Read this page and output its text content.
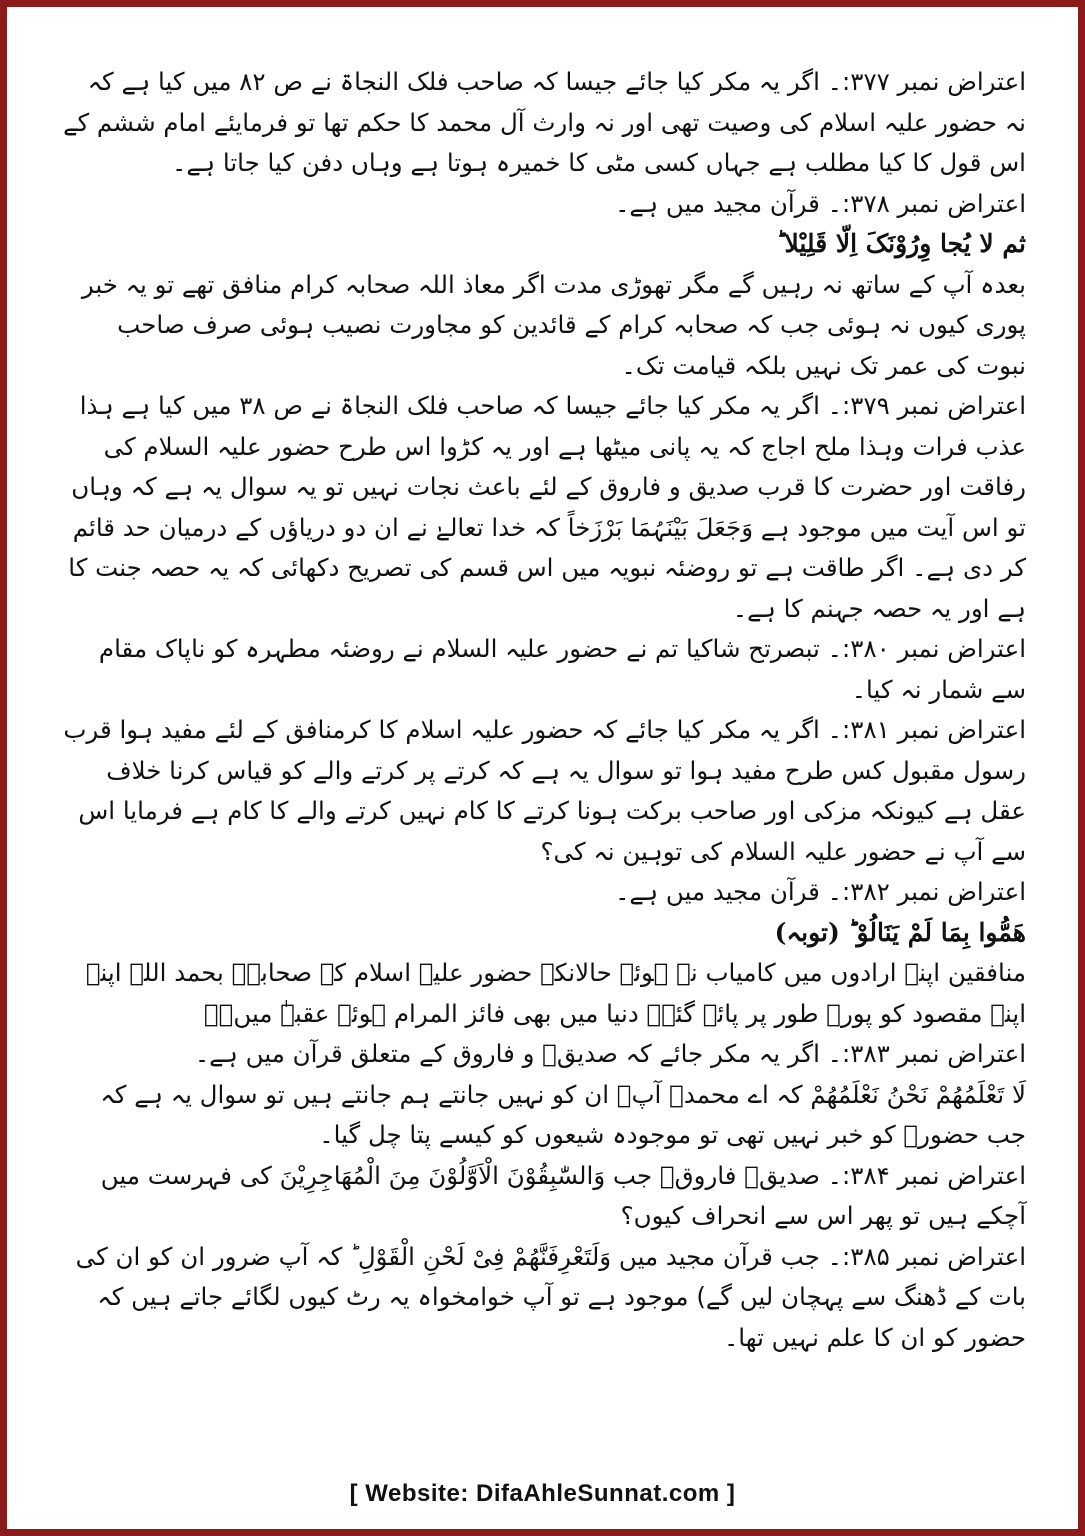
اعتراض نمبر ۳۷۷:۔ اگر یہ مکر کیا جائے جیسا کہ صاحب فلک النجاۃ نے ص ۸۲ میں کیا ہے کہ نہ حضور علیہ اسلام کی وصیت تھی اور نہ وارث آل محمد کا حکم تھا تو فرمایئے امام ششم کے اس قول کا کیا مطلب ہے جہاں کسی مٹی کا خمیرہ ہوتا ہے وہاں دفن کیا جاتا ہے۔

اعتراض نمبر ۳۷۸:۔ قرآن مجید میں ہے۔

ثم لا یُجا وِرُوْنَکَ اِلّا قَلِیْلا ؕ

بعدہ آپ کے ساتھ نہ رہیں گے مگر تھوڑی مدت اگر معاذ اللہ صحابہ کرام منافق تھے تو یہ خبر پوری کیوں نہ ہوئی جب کہ صحابہ کرام کے قائدین کو مجاورت نصیب ہوئی صرف صاحب نبوت کی عمر تک نہیں بلکہ قیامت تک۔

اعتراض نمبر ۳۷۹:۔ اگر یہ مکر کیا جائے جیسا کہ صاحب فلک النجاۃ نے ص ۳۸ میں کیا ہے ہذا عذب فرات وہذا ملح اجاج کہ یہ پانی میٹھا ہے اور یہ کڑوا اس طرح حضور علیہ السلام کی رفاقت اور حضرت کا قرب صدیق و فاروق کے لئے باعث نجات نہیں تو یہ سوال یہ ہے کہ وہاں تو اس آیت میں موجود ہے وَجَعَلَ بَیْنَہُمَا بَرْزَخاً کہ خدا تعالےٰ نے ان دو دریاؤں کے درمیان حد قائم کر دی ہے۔ اگر طاقت ہے تو روضئہ نبویہ میں اس قسم کی تصریح دکھائی کہ یہ حصہ جنت کا ہے اور یہ حصہ جہنم کا ہے۔

اعتراض نمبر ۳۸۰:۔ تبصرتح شاکیا تم نے حضور علیہ السلام نے روضئہ مطہرہ کو ناپاک مقام سے شمار نہ کیا۔

اعتراض نمبر ۳۸۱:۔ اگر یہ مکر کیا جائے کہ حضور علیہ اسلام کا کرمنافق کے لئے مفید ہوا قرب رسول مقبول کس طرح مفید ہوا تو سوال یہ ہے کہ کرتے پر کرتے والے کو قیاس کرنا خلاف عقل ہے کیونکہ مزکی اور صاحب برکت ہونا کرتے کا کام نہیں کرتے والے کا کام ہے فرمایا اس سے آپ نے حضور علیہ السلام کی توہین نہ کی؟

اعتراض نمبر ۳۸۲:۔ قرآن مجید میں ہے۔

ھَمُّوا بِمَا لَمْ یَنَالُوْ ؕ (توبہ)

منافقین اپنے ارادوں میں کامیاب نہ ہوئے حالانکہ حضور علیہ اسلام کے صحابہؓ بحمد اللہ اپنے اپنے مقصود کو پورے طور پر پائے گئے۔ دنیا میں بھی فائز المرام ہوئے عقبےٰ میںؓ۔

اعتراض نمبر ۳۸۳:۔ اگر یہ مکر جائے کہ صدیقؓ و فاروق کے متعلق قرآن میں ہے۔

لَا تَعْلَمُھُمْ نَحْنُ نَعْلَمُھُمْ کہ اے محمدؐ آپؐ ان کو نہیں جانتے ہم جانتے ہیں تو سوال یہ ہے کہ جب حضورؐ کو خبر نہیں تھی تو موجودہ شیعوں کو کیسے پتا چل گیا۔

اعتراض نمبر ۳۸۴:۔ صدیقؓ فاروقؓ جب وَالسّٰبِقُوْنَ الْاَوَّلُوْنَ مِنَ الْمُھَاجِرِیْنَ کی فہرست میں آچکے ہیں تو پھر اس سے انحراف کیوں؟

اعتراض نمبر ۳۸۵:۔ جب قرآن مجید میں وَلَتَعْرِفَنَّھُمْ فِیْ لَحْنِ الْقَوْلِ ؕ کہ آپ ضرور ان کو ان کی بات کے ڈھنگ سے پہچان لیں گے) موجود ہے تو آپ خوامخواہ یہ رٹ کیوں لگائے جاتے ہیں کہ حضور کو ان کا علم نہیں تھا۔

[ Website: DifaAhleSunnat.com ]
